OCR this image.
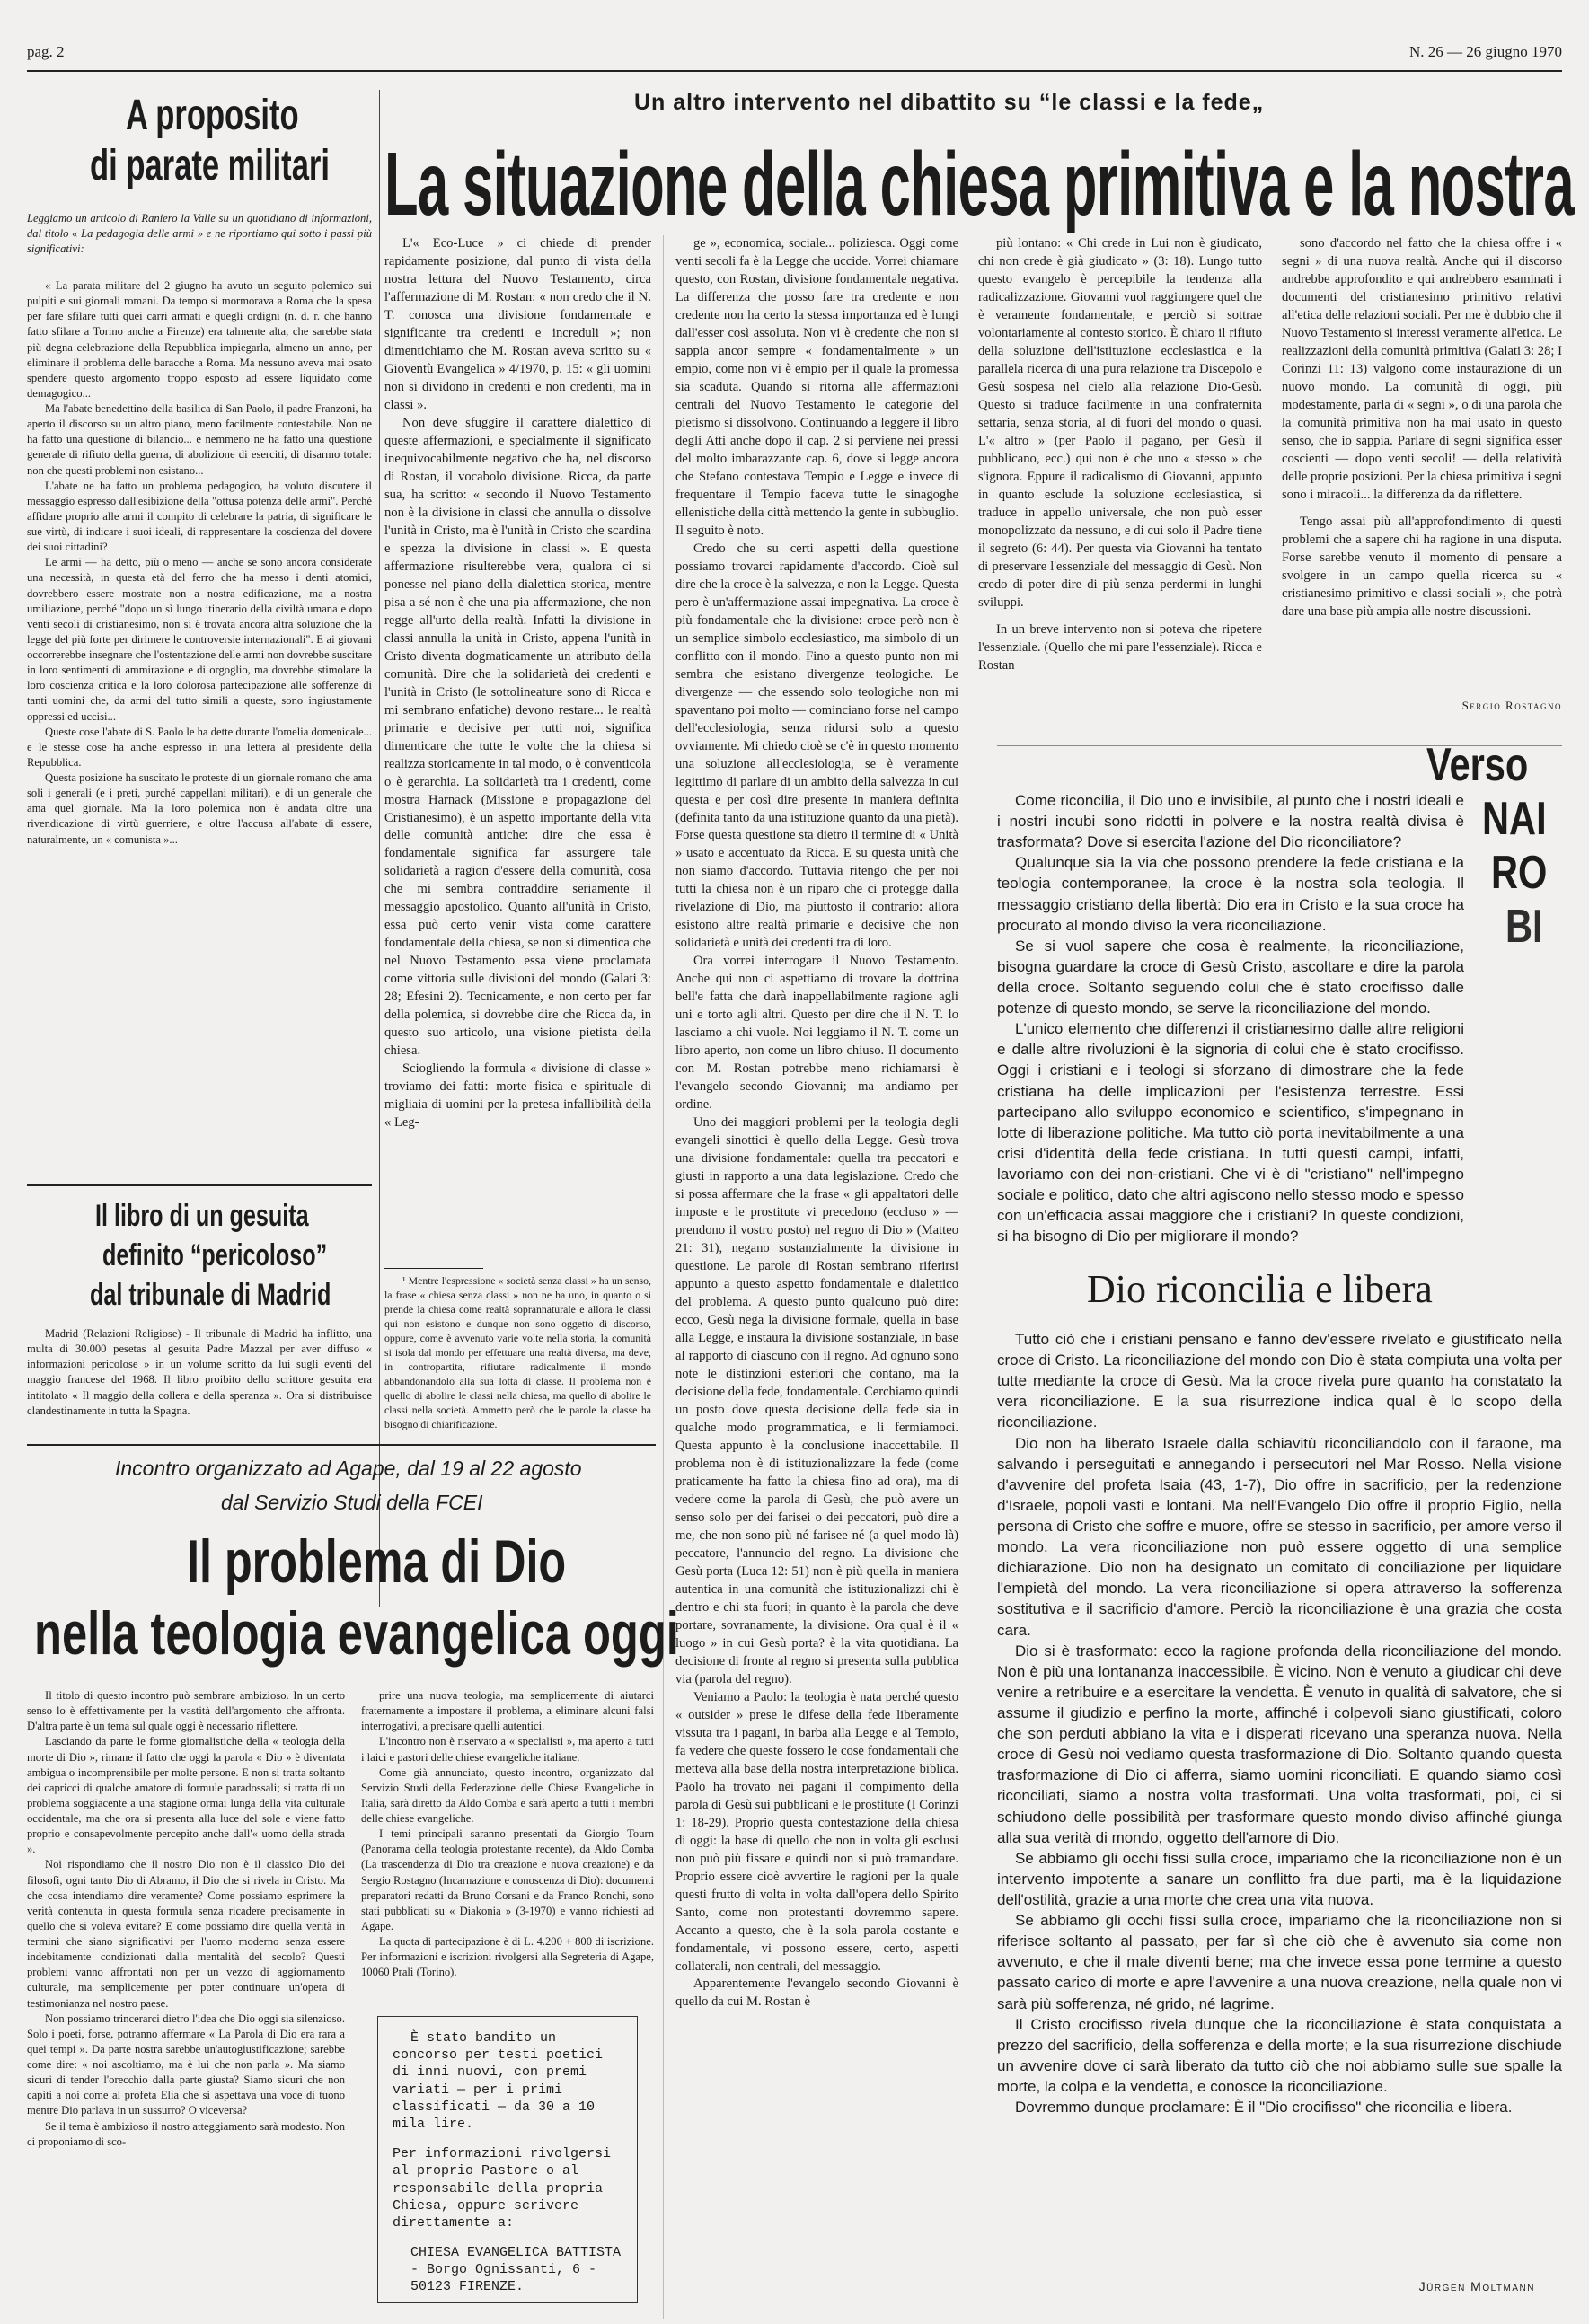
pag. 2	N. 26 — 26 giugno 1970
A proposito
di parate militari

Leggiamo un articolo di Raniero la Valle su un quotidiano di informazioni, dal titolo « La pedagogia delle armi » e ne riportiamo qui sotto i passi più significativi:

« La parata militare del 2 giugno ha avuto un seguito polemico sui pulpiti e sui giornali romani. Da tempo si mormorava a Roma che la spesa per fare sfilare tutti quei carri armati e quegli ordigni (n. d. r. che hanno fatto sfilare a Torino anche a Firenze) era talmente alta, che sarebbe stata più degna celebrazione della Repubblica impiegarla, almeno un anno, per eliminare il problema delle baracche a Roma. Ma nessuno aveva mai osato spendere questo argomento troppo esposto ad essere liquidato come demagogico...

Ma l'abate benedettino della basilica di San Paolo, il padre Franzoni, ha aperto il discorso su un altro piano, meno facilmente contestabile. Non ne ha fatto una questione di bilancio... e nemmeno ne ha fatto una questione generale di rifiuto della guerra, di abolizione di eserciti, di disarmo totale: non che questi problemi non esistano...

L'abate ne ha fatto un problema pedagogico, ha voluto discutere il messaggio espresso dall'esibizione della "ottusa potenza delle armi". Perché affidare proprio alle armi il compito di celebrare la patria, di significare le sue virtù, di indicare i suoi ideali, di rappresentare la coscienza del dovere dei suoi cittadini?

Le armi — ha detto, più o meno — anche se sono ancora considerate una necessità, in questa età del ferro che ha messo i denti atomici, dovrebbero essere mostrate non a nostra edificazione, ma a nostra umiliazione, perché "dopo un sì lungo itinerario della civiltà umana e dopo venti secoli di cristianesimo, non si è trovata ancora altra soluzione che la legge del più forte per dirimere le controversie internazionali". E ai giovani occorrerebbe insegnare che l'ostentazione delle armi non dovrebbe suscitare in loro sentimenti di ammirazione e di orgoglio, ma dovrebbe stimolare la loro coscienza critica e la loro dolorosa partecipazione alle sofferenze di tanti uomini che, da armi del tutto simili a queste, sono ingiustamente oppressi ed uccisi...

Queste cose l'abate di S. Paolo le ha dette durante l'omelia domenicale... e le stesse cose ha anche espresso in una lettera al presidente della Repubblica.

Questa posizione ha suscitato le proteste di un giornale romano che ama soli i generali (e i preti, purché cappellani militari), e di un generale che ama quel giornale. Ma la loro polemica non è andata oltre una rivendicazione di virtù guerriere, e oltre l'accusa all'abate di essere, naturalmente, un « comunista »...

Il libro di un gesuita
definito “pericoloso”
dal tribunale di Madrid

Madrid (Relazioni Religiose) - Il tribunale di Madrid ha inflitto, una multa di 30.000 pesetas al gesuita Padre Mazzal per aver diffuso « informazioni pericolose » in un volume scritto da lui sugli eventi del maggio francese del 1968. Il libro proibito dello scrittore gesuita era intitolato « Il maggio della collera e della speranza ». Ora si distribuisce clandestinamente in tutta la Spagna.

Un altro intervento nel dibattito su “le classi e la fede„
La situazione della chiesa primitiva e la nostra

L'« Eco-Luce » ci chiede di prender rapidamente posizione, dal punto di vista della nostra lettura del Nuovo Testamento, circa l'affermazione di M. Rostan: « non credo che il N. T. conosca una divisione fondamentale e significante tra credenti e increduli »; non dimentichiamo che M. Rostan aveva scritto su « Gioventù Evangelica » 4/1970, p. 15: « gli uomini non si dividono in credenti e non credenti, ma in classi ».

Non deve sfuggire il carattere dialettico di queste affermazioni, e specialmente il significato inequivocabilmente negativo che ha, nel discorso di Rostan, il vocabolo divisione. Ricca, da parte sua, ha scritto: « secondo il Nuovo Testamento non è la divisione in classi che annulla o dissolve l'unità in Cristo, ma è l'unità in Cristo che scardina e spezza la divisione in classi ». E questa affermazione risulterebbe vera, qualora ci si ponesse nel piano della dialettica storica, mentre pisa a sé non è che una pia affermazione, che non regge all'urto della realtà. Infatti la divisione in classi annulla la unità in Cristo, appena l'unità in Cristo diventa dogmaticamente un attributo della comunità. Dire che la solidarietà dei credenti e l'unità in Cristo (le sottolineature sono di Ricca e mi sembrano enfatiche) devono restare... le realtà primarie e decisive per tutti noi, significa dimenticare che tutte le volte che la chiesa si realizza storicamente in tal modo, o è conventicola o è gerarchia. La solidarietà tra i credenti, come mostra Harnack (Missione e propagazione del Cristianesimo), è un aspetto importante della vita delle comunità antiche: dire che essa è fondamentale significa far assurgere tale solidarietà a ragion d'essere della comunità, cosa che mi sembra contraddire seriamente il messaggio apostolico. Quanto all'unità in Cristo, essa può certo venir vista come carattere fondamentale della chiesa, se non si dimentica che nel Nuovo Testamento essa viene proclamata come vittoria sulle divisioni del mondo (Galati 3: 28; Efesini 2). Tecnicamente, e non certo per far della polemica, si dovrebbe dire che Ricca da, in questo suo articolo, una visione pietista della chiesa.

Sciogliendo la formula « divisione di classe » troviamo dei fatti: morte fisica e spirituale di migliaia di uomini per la pretesa infallibilità della « Leg-

¹ Mentre l'espressione « società senza classi » ha un senso, la frase « chiesa senza classi » non ne ha uno, in quanto o si prende la chiesa come realtà soprannaturale e allora le classi qui non esistono e dunque non sono oggetto di discorso, oppure, come è avvenuto varie volte nella storia, la comunità si isola dal mondo per effettuare una realtà diversa, ma deve, in contropartita, rifiutare radicalmente il mondo abbandonandolo alla sua lotta di classe. Il problema non è quello di abolire le classi nella chiesa, ma quello di abolire le classi nella società. Ammetto però che le parole la classe ha bisogno di chiarificazione.

ge », economica, sociale... poliziesca. Oggi come venti secoli fa è la Legge che uccide. Vorrei chiamare questo, con Rostan, divisione fondamentale negativa. La differenza che posso fare tra credente e non credente non ha certo la stessa importanza ed è lungi dall'esser così assoluta. Non vi è credente che non si sappia ancor sempre « fondamentalmente » un empio, come non vi è empio per il quale la promessa sia scaduta. Quando si ritorna alle affermazioni centrali del Nuovo Testamento le categorie del pietismo si dissolvono. Continuando a leggere il libro degli Atti anche dopo il cap. 2 si perviene nei pressi del molto imbarazzante cap. 6, dove si legge ancora che Stefano contestava Tempio e Legge e invece di frequentare il Tempio faceva tutte le sinagoghe ellenistiche della città mettendo la gente in subbuglio. Il seguito è noto.

Credo che su certi aspetti della questione possiamo trovarci rapidamente d'accordo. Cioè sul dire che la croce è la salvezza, e non la Legge. Questa pero è un'affermazione assai impegnativa. La croce è più fondamentale che la divisione: croce però non è un semplice simbolo ecclesiastico, ma simbolo di un conflitto con il mondo. Fino a questo punto non mi sembra che esistano divergenze teologiche. Le divergenze — che essendo solo teologiche non mi spaventano poi molto — cominciano forse nel campo dell'ecclesiologia, senza ridursi solo a questo ovviamente. Mi chiedo cioè se c'è in questo momento una soluzione all'ecclesiologia, se è veramente legittimo di parlare di un ambito della salvezza in cui questa e per così dire presente in maniera definita (definita tanto da una istituzione quanto da una pietà). Forse questa questione sta dietro il termine di « Unità » usato e accentuato da Ricca. E su questa unità che non siamo d'accordo. Tuttavia ritengo che per noi tutti la chiesa non è un riparo che ci protegge dalla rivelazione di Dio, ma piuttosto il contrario: allora esistono altre realtà primarie e decisive che non solidarietà e unità dei credenti tra di loro.

Ora vorrei interrogare il Nuovo Testamento. Anche qui non ci aspettiamo di trovare la dottrina bell'e fatta che darà inappellabilmente ragione agli uni e torto agli altri. Questo per dire che il N. T. lo lasciamo a chi vuole. Noi leggiamo il N. T. come un libro aperto, non come un libro chiuso. Il documento con M. Rostan potrebbe meno richiamarsi è l'evangelo secondo Giovanni; ma andiamo per ordine.

Uno dei maggiori problemi per la teologia degli evangeli sinottici è quello della Legge. Gesù trova una divisione fondamentale: quella tra peccatori e giusti in rapporto a una data legislazione. Credo che si possa affermare che la frase « gli appaltatori delle imposte e le prostitute vi precedono (eccluso » — prendono il vostro posto) nel regno di Dio » (Matteo 21: 31), negano sostanzialmente la divisione in questione. Le parole di Rostan sembrano riferirsi appunto a questo aspetto fondamentale e dialettico del problema. A questo punto qualcuno può dire: ecco, Gesù nega la divisione formale, quella in base alla Legge, e instaura la divisione sostanziale, in base al rapporto di ciascuno con il regno. Ad ognuno sono note le distinzioni esteriori che contano, ma la decisione della fede, fondamentale. Cerchiamo quindi un posto dove questa decisione della fede sia in qualche modo programmatica, e li fermiamoci. Questa appunto è la conclusione inaccettabile. Il problema non è di istituzionalizzare la fede (come praticamente ha fatto la chiesa fino ad ora), ma di vedere come la parola di Gesù, che può avere un senso solo per dei farisei o dei peccatori, può dire a me, che non sono più né farisee né (a quel modo là) peccatore, l'annuncio del regno. La divisione che Gesù porta (Luca 12: 51) non è più quella in maniera autentica in una comunità che istituzionalizzi chi è dentro e chi sta fuori; in quanto è la parola che deve portare, sovranamente, la divisione. Ora qual è il « luogo » in cui Gesù porta? è la vita quotidiana. La decisione di fronte al regno si presenta sulla pubblica via (parola del regno).

Veniamo a Paolo: la teologia è nata perché questo « outsider » prese le difese della fede liberamente vissuta tra i pagani, in barba alla Legge e al Tempio, fa vedere che queste fossero le cose fondamentali che metteva alla base della nostra interpretazione biblica. Paolo ha trovato nei pagani il compimento della parola di Gesù sui pubblicani e le prostitute (I Corinzi 1: 18-29). Proprio questa contestazione della chiesa di oggi: la base di quello che non in volta gli esclusi non può più fissare e quindi non si può tramandare. Proprio essere cioè avvertire le ragioni per la quale questi frutto di volta in volta dall'opera dello Spirito Santo, come non protestanti dovremmo sapere. Accanto a questo, che è la sola parola costante e fondamentale, vi possono essere, certo, aspetti collaterali, non centrali, del messaggio.

Apparentemente l'evangelo secondo Giovanni è quello da cui M. Rostan è

più lontano: « Chi crede in Lui non è giudicato, chi non crede è già giudicato » (3: 18). Lungo tutto questo evangelo è percepibile la tendenza alla radicalizzazione. Giovanni vuol raggiungere quel che è veramente fondamentale, e perciò si sottrae volontariamente al contesto storico. È chiaro il rifiuto della soluzione dell'istituzione ecclesiastica e la parallela ricerca di una pura relazione tra Discepolo e Gesù sospesa nel cielo alla relazione Dio-Gesù. Questo si traduce facilmente in una confraternita settaria, senza storia, al di fuori del mondo o quasi. L'« altro » (per Paolo il pagano, per Gesù il pubblicano, ecc.) qui non è che uno « stesso » che s'ignora. Eppure il radicalismo di Giovanni, appunto in quanto esclude la soluzione ecclesiastica, si traduce in appello universale, che non può esser monopolizzato da nessuno, e di cui solo il Padre tiene il segreto (6: 44). Per questa via Giovanni ha tentato di preservare l'essenziale del messaggio di Gesù. Non credo di poter dire di più senza perdermi in lunghi sviluppi.

In un breve intervento non si poteva che ripetere l'essenziale. (Quello che mi pare l'essenziale). Ricca e Rostan

sono d'accordo nel fatto che la chiesa offre i « segni » di una nuova realtà. Anche qui il discorso andrebbe approfondito e qui andrebbero esaminati i documenti del cristianesimo primitivo relativi all'etica delle relazioni sociali. Per me è dubbio che il Nuovo Testamento si interessi veramente all'etica. Le realizzazioni della comunità primitiva (Galati 3: 28; I Corinzi 11: 13) valgono come instaurazione di un nuovo mondo. La comunità di oggi, più modestamente, parla di « segni », o di una parola che la comunità primitiva non ha mai usato in questo senso, che io sappia. Parlare di segni significa esser coscienti — dopo venti secoli! — della relatività delle proprie posizioni. Per la chiesa primitiva i segni sono i miracoli... la differenza da da riflettere.

Tengo assai più all'approfondimento di questi problemi che a sapere chi ha ragione in una disputa. Forse sarebbe venuto il momento di pensare a svolgere in un campo quella ricerca su « cristianesimo primitivo e classi sociali », che potrà dare una base più ampia alle nostre discussioni.

Sergio Rostagno
Incontro organizzato ad Agape, dal 19 al 22 agosto
dal Servizio Studi della FCEI
Il problema di Dio
nella teologia evangelica oggi

Il titolo di questo incontro può sembrare ambizioso. In un certo senso lo è effettivamente per la vastità dell'argomento che affronta. D'altra parte è un tema sul quale oggi è necessario riflettere.

Lasciando da parte le forme giornalistiche della « teologia della morte di Dio », rimane il fatto che oggi la parola « Dio » è diventata ambigua o incomprensibile per molte persone. E non si tratta soltanto dei capricci di qualche amatore di formule paradossali; si tratta di un problema soggiacente a una stagione ormai lunga della vita culturale occidentale, ma che ora si presenta alla luce del sole e viene fatto proprio e consapevolmente percepito anche dall'« uomo della strada ».

Noi rispondiamo che il nostro Dio non è il classico Dio dei filosofi, ogni tanto Dio di Abramo, il Dio che si rivela in Cristo. Ma che cosa intendiamo dire veramente? Come possiamo esprimere la verità contenuta in questa formula senza ricadere precisamente in quello che si voleva evitare? E come possiamo dire quella verità in termini che siano significativi per l'uomo moderno senza essere indebitamente condizionati dalla mentalità del secolo? Questi problemi vanno affrontati non per un vezzo di aggiornamento culturale, ma semplicemente per poter continuare un'opera di testimonianza nel nostro paese.

Non possiamo trincerarci dietro l'idea che Dio oggi sia silenzioso. Solo i poeti, forse, potranno affermare « La Parola di Dio era rara a quei tempi ». Da parte nostra sarebbe un'autogiustificazione; sarebbe come dire: « noi ascoltiamo, ma è lui che non parla ». Ma siamo sicuri di tender l'orecchio dalla parte giusta? Siamo sicuri che non capiti a noi come al profeta Elia che si aspettava una voce di tuono mentre Dio parlava in un sussurro? O viceversa?

Se il tema è ambizioso il nostro atteggiamento sarà modesto. Non ci proponiamo di sco-

prire una nuova teologia, ma semplicemente di aiutarci fraternamente a impostare il problema, a eliminare alcuni falsi interrogativi, a precisare quelli autentici.

L'incontro non è riservato a « specialisti », ma aperto a tutti i laici e pastori delle chiese evangeliche italiane.

Come già annunciato, questo incontro, organizzato dal Servizio Studi della Federazione delle Chiese Evangeliche in Italia, sarà diretto da Aldo Comba e sarà aperto a tutti i membri delle chiese evangeliche.

I temi principali saranno presentati da Giorgio Tourn (Panorama della teologia protestante recente), da Aldo Comba (La trascendenza di Dio tra creazione e nuova creazione) e da Sergio Rostagno (Incarnazione e conoscenza di Dio): documenti preparatori redatti da Bruno Corsani e da Franco Ronchi, sono stati pubblicati su « Diakonia » (3-1970) e vanno richiesti ad Agape.

La quota di partecipazione è di L. 4.200 + 800 di iscrizione. Per informazioni e iscrizioni rivolgersi alla Segreteria di Agape, 10060 Prali (Torino).

È stato bandito un concorso per testi poetici di inni nuovi, con premi variati — per i primi classificati — da 30 a 10 mila lire.
Per informazioni rivolgersi al proprio Pastore o al responsabile della propria Chiesa, oppure scrivere direttamente a:
CHIESA EVANGELICA BATTISTA - Borgo Ognissanti, 6 - 50123 FIRENZE.
Verso
NAI
RO
BI

Come riconcilia, il Dio uno e invisibile, al punto che i nostri ideali e i nostri incubi sono ridotti in polvere e la nostra realtà divisa è trasformata? Dove si esercita l'azione del Dio riconciliatore?

Qualunque sia la via che possono prendere la fede cristiana e la teologia contemporanee, la croce è la nostra sola teologia. Il messaggio cristiano della libertà: Dio era in Cristo e la sua croce ha procurato al mondo diviso la vera riconciliazione.

Se si vuol sapere che cosa è realmente, la riconciliazione, bisogna guardare la croce di Gesù Cristo, ascoltare e dire la parola della croce. Soltanto seguendo colui che è stato crocifisso dalle potenze di questo mondo, se serve la riconciliazione del mondo.

L'unico elemento che differenzi il cristianesimo dalle altre religioni e dalle altre rivoluzioni è la signoria di colui che è stato crocifisso. Oggi i cristiani e i teologi si sforzano di dimostrare che la fede cristiana ha delle implicazioni per l'esistenza terrestre. Essi partecipano allo sviluppo economico e scientifico, s'impegnano in lotte di liberazione politiche. Ma tutto ciò porta inevitabilmente a una crisi d'identità della fede cristiana. In tutti questi campi, infatti, lavoriamo con dei non-cristiani. Che vi è di "cristiano" nell'impegno sociale e politico, dato che altri agiscono nello stesso modo e spesso con un'efficacia assai maggiore che i cristiani? In queste condizioni, si ha bisogno di Dio per migliorare il mondo?

Dio riconcilia e libera

Tutto ciò che i cristiani pensano e fanno dev'essere rivelato e giustificato nella croce di Cristo. La riconciliazione del mondo con Dio è stata compiuta una volta per tutte mediante la croce di Gesù. Ma la croce rivela pure quanto ha constatato la vera riconciliazione. E la sua risurrezione indica qual è lo scopo della riconciliazione.

Dio non ha liberato Israele dalla schiavitù riconciliandolo con il faraone, ma salvando i perseguitati e annegando i persecutori nel Mar Rosso. Nella visione d'avvenire del profeta Isaia (43, 1-7), Dio offre in sacrificio, per la redenzione d'Israele, popoli vasti e lontani. Ma nell'Evangelo Dio offre il proprio Figlio, nella persona di Cristo che soffre e muore, offre se stesso in sacrificio, per amore verso il mondo. La vera riconciliazione non può essere oggetto di una semplice dichiarazione. Dio non ha designato un comitato di conciliazione per liquidare l'empietà del mondo. La vera riconciliazione si opera attraverso la sofferenza sostitutiva e il sacrificio d'amore. Perciò la riconciliazione è una grazia che costa cara.

Dio si è trasformato: ecco la ragione profonda della riconciliazione del mondo. Non è più una lontananza inaccessibile. È vicino. Non è venuto a giudicar chi deve venire a retribuire e a esercitare la vendetta. È venuto in qualità di salvatore, che si assume il giudizio e perfino la morte, affinché i colpevoli siano giustificati, coloro che son perduti abbiano la vita e i disperati ricevano una speranza nuova. Nella croce di Gesù noi vediamo questa trasformazione di Dio. Soltanto quando questa trasformazione di Dio ci afferra, siamo uomini riconciliati. E quando siamo così riconciliati, siamo a nostra volta trasformati. Una volta trasformati, poi, ci si schiudono delle possibilità per trasformare questo mondo diviso affinché giunga alla sua verità di mondo, oggetto dell'amore di Dio.

Se abbiamo gli occhi fissi sulla croce, impariamo che la riconciliazione non è un intervento impotente a sanare un conflitto fra due parti, ma è la liquidazione dell'ostilità, grazie a una morte che crea una vita nuova.

Se abbiamo gli occhi fissi sulla croce, impariamo che la riconciliazione non si riferisce soltanto al passato, per far sì che ciò che è avvenuto sia come non avvenuto, e che il male diventi bene; ma che invece essa pone termine a questo passato carico di morte e apre l'avvenire a una nuova creazione, nella quale non vi sarà più sofferenza, né grido, né lagrime.

Il Cristo crocifisso rivela dunque che la riconciliazione è stata conquistata a prezzo del sacrificio, della sofferenza e della morte; e la sua risurrezione dischiude un avvenire dove ci sarà liberato da tutto ciò che noi abbiamo sulle sue spalle la morte, la colpa e la vendetta, e conosce la riconciliazione.

Dovremmo dunque proclamare: È il "Dio crocifisso" che riconcilia e libera.

Jürgen Moltmann
